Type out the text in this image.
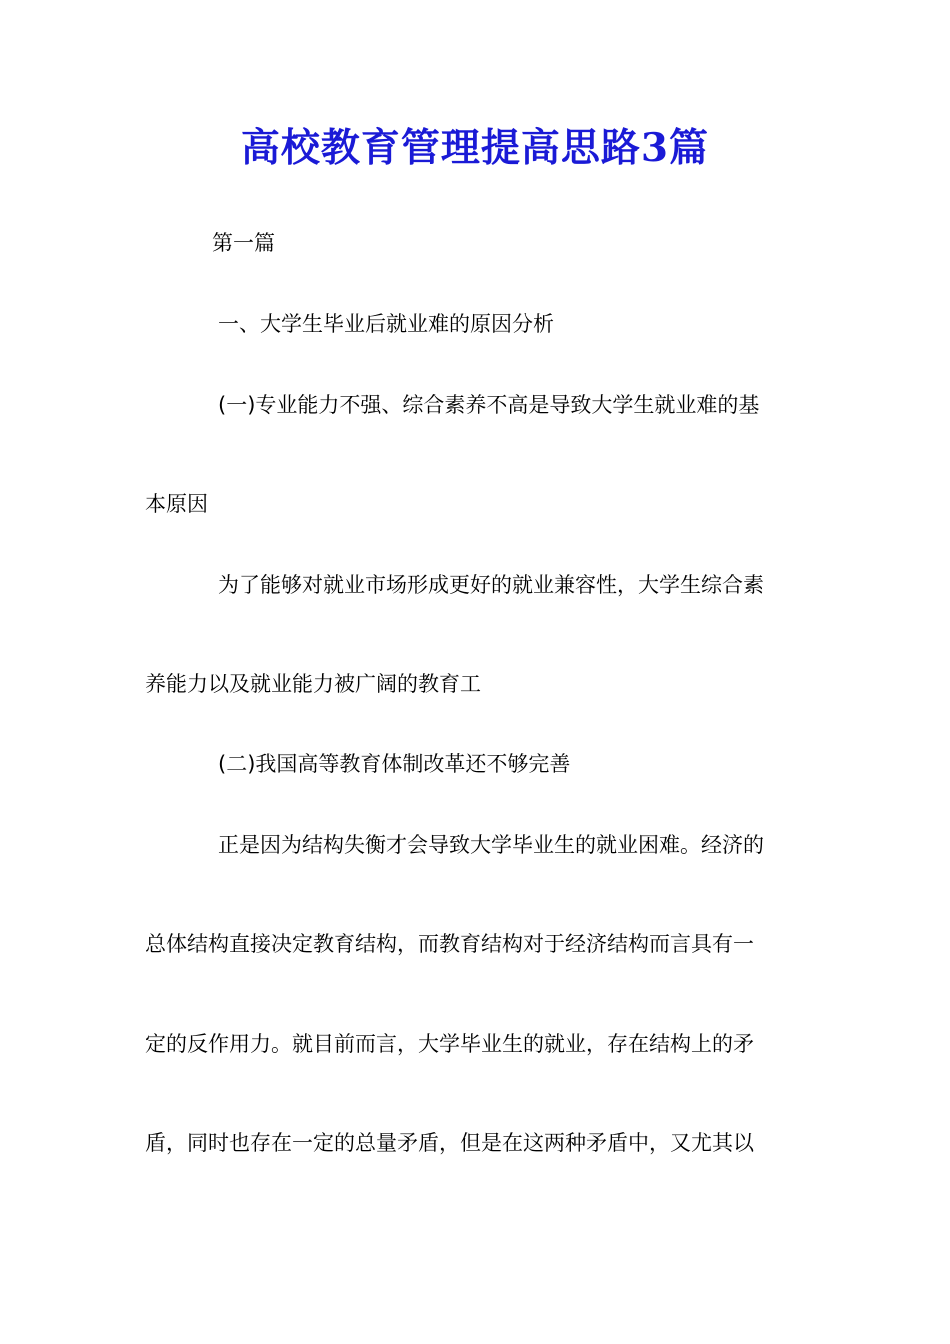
高校教育管理提高思路3篇
第一篇
一、大学生毕业后就业难的原因分析
(一)专业能力不强、综合素养不高是导致大学生就业难的基
本原因
为了能够对就业市场形成更好的就业兼容性，大学生综合素
养能力以及就业能力被广阔的教育工
(二)我国高等教育体制改革还不够完善
正是因为结构失衡才会导致大学毕业生的就业困难。经济的
总体结构直接决定教育结构，而教育结构对于经济结构而言具有一
定的反作用力。就目前而言，大学毕业生的就业，存在结构上的矛
盾，同时也存在一定的总量矛盾，但是在这两种矛盾中，又尤其以
